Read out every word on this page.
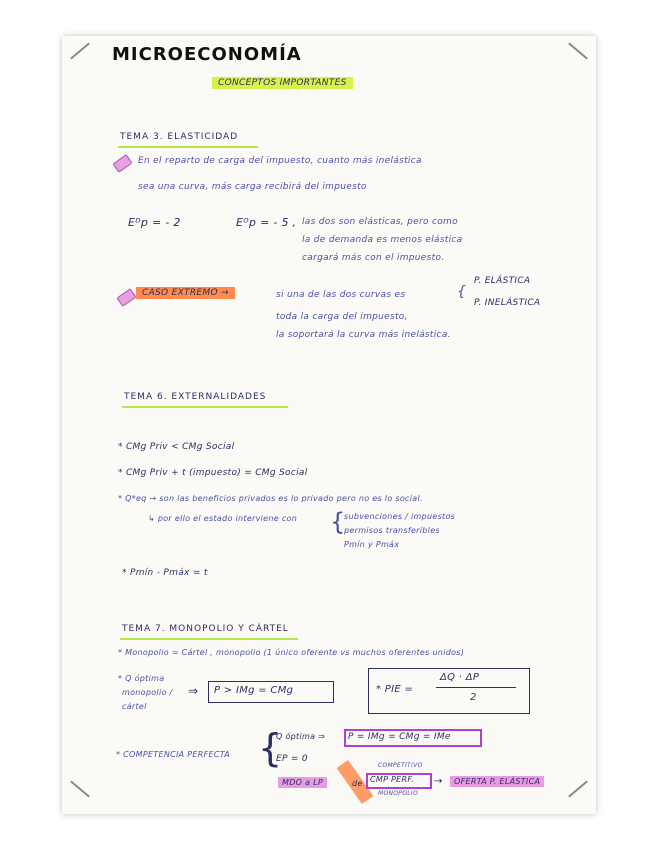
MICROECONOMÍA
CONCEPTOS IMPORTANTES
TEMA 3. ELASTICIDAD
En el reparto de carga del impuesto, cuanto más inelástica
sea una curva, más carga recibirá del impuesto
Eᴰp = - 2	Eᴼp = - 5 , las dos son elásticas, pero como
la de demanda es menos elástica
cargará más con el impuesto.
CASO EXTREMO →	si una de las dos curvas es	{
P. ELÁSTICA
P. INELÁSTICA
toda la carga del impuesto,
la soportará la curva más inelástica.
TEMA 6. EXTERNALIDADES
* CMg Priv < CMg Social
* CMg Priv + t (impuesto) = CMg Social
* Q*eq → son las beneficios privados es lo privado pero no es lo social.
↳ por ello el estado interviene con {
subvenciones / impuestos
permisos transferibles
Pmín y Pmáx
* Pmín - Pmáx = t
TEMA 7. MONOPOLIO Y CÁRTEL
* Monopolio = Cártel , monopolio (1 único oferente vs muchos oferentes unidos)
* Q óptima
monopolio /
cártel
⇒ P > IMg = CMg	* PIE =
ΔQ · ΔP
2
* COMPETENCIA PERFECTA {
Q óptima ⇒	P = IMg = CMg = IMe
EP = 0
MDO a LP	de
COMPETITIVO
CMP PERF.
MONOPOLIO
→	OFERTA P. ELÁSTICA
